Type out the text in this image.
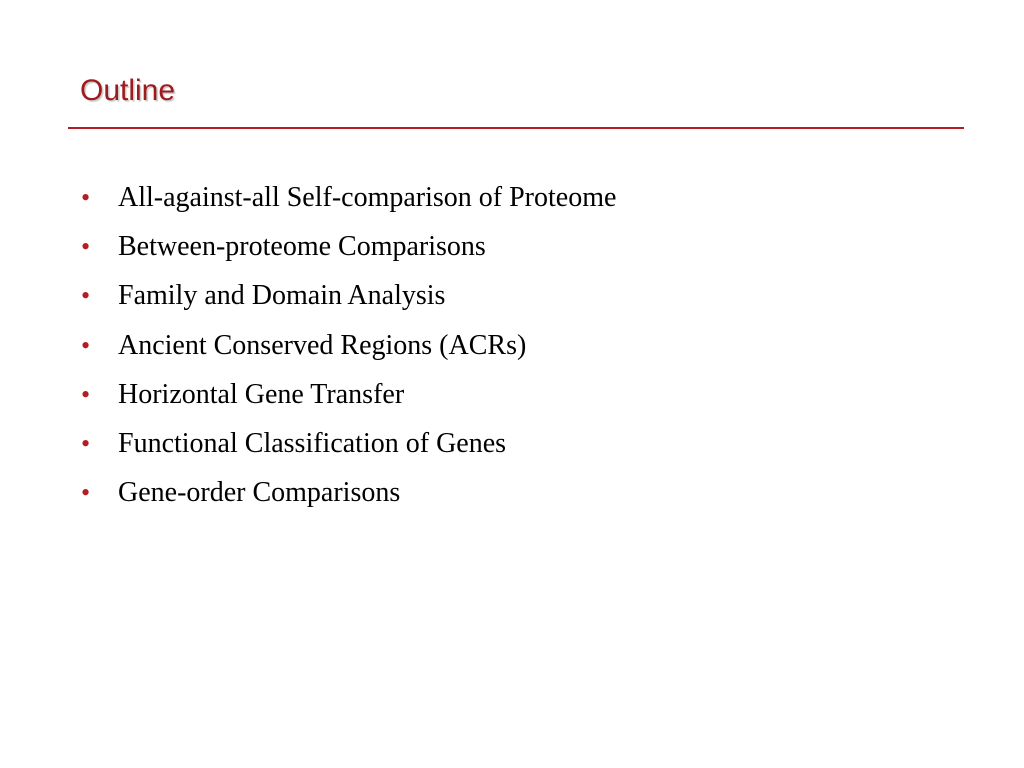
Outline
• All-against-all Self-comparison of Proteome
• Between-proteome Comparisons
• Family and Domain Analysis
• Ancient Conserved Regions (ACRs)
• Horizontal Gene Transfer
• Functional Classification of Genes
• Gene-order Comparisons
